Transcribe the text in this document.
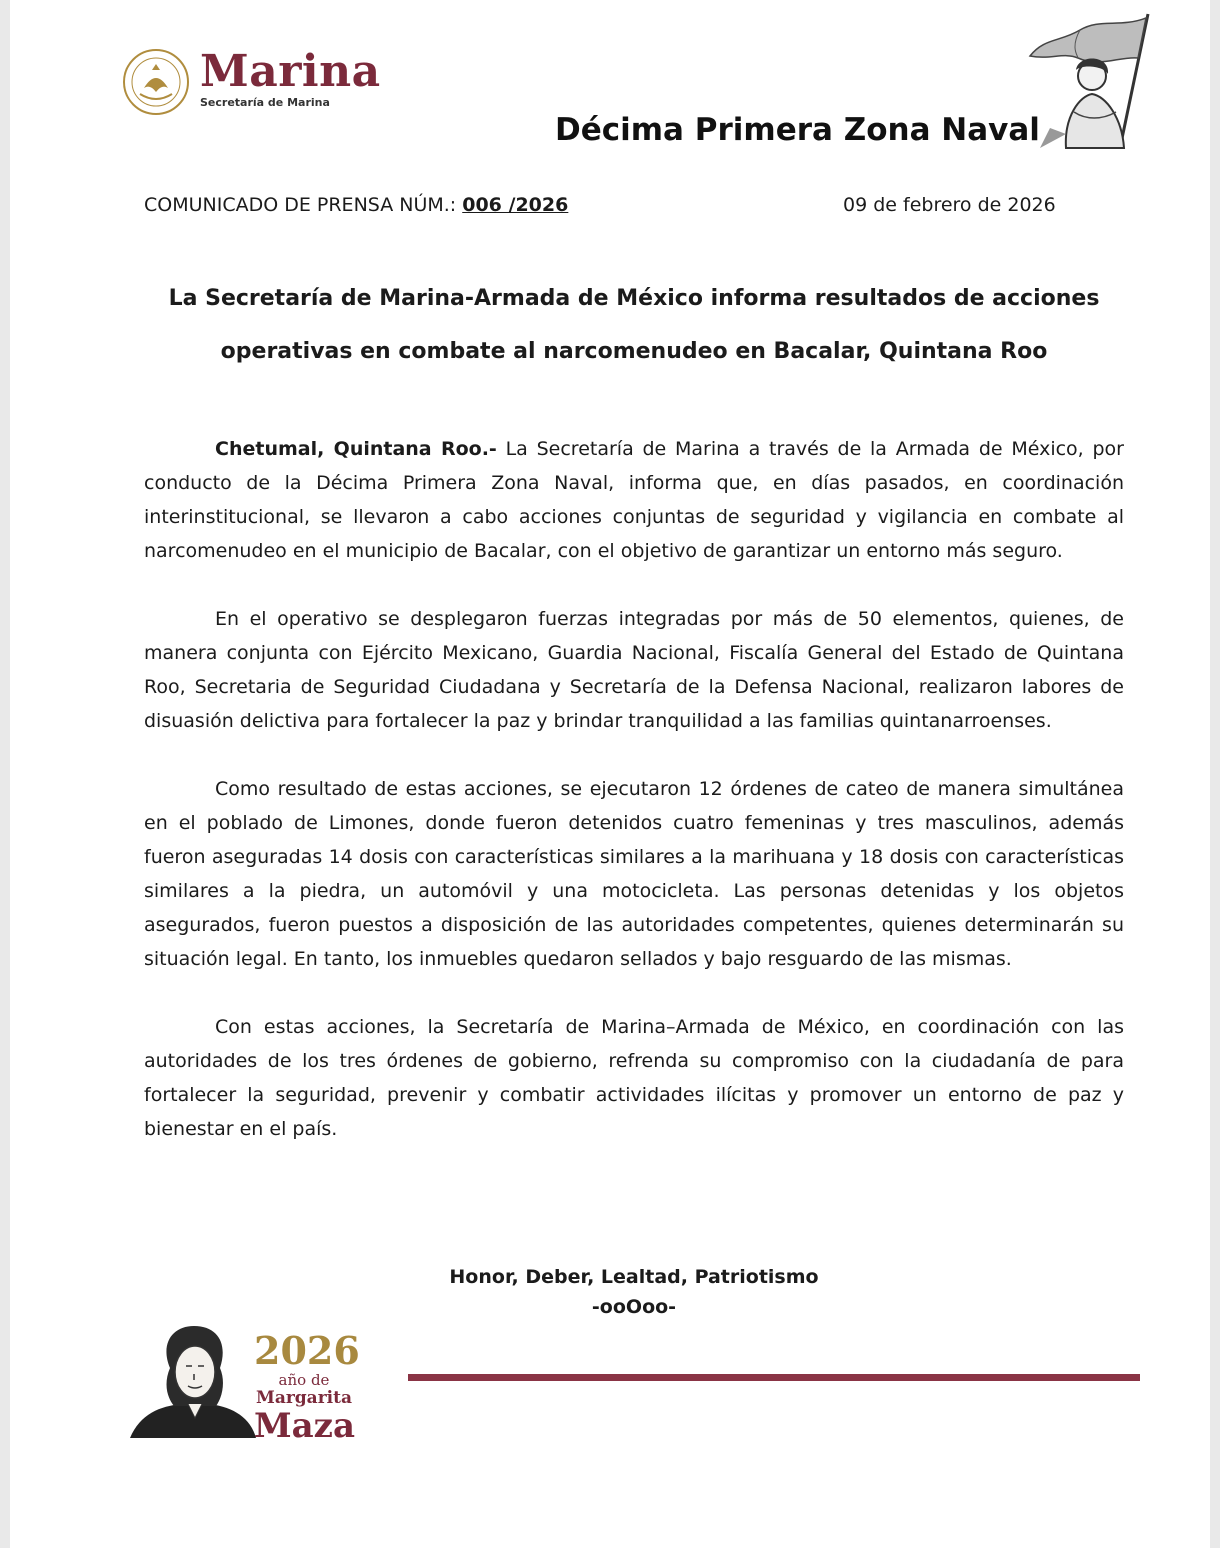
Marina
Secretaría de Marina
Décima Primera Zona Naval
COMUNICADO DE PRENSA NÚM.: 006 /2026	09 de febrero de 2026
La Secretaría de Marina-Armada de México informa resultados de acciones
operativas en combate al narcomenudeo en Bacalar, Quintana Roo

Chetumal, Quintana Roo.- La Secretaría de Marina a través de la Armada de México, por conducto de la Décima Primera Zona Naval, informa que, en días pasados, en coordinación interinstitucional, se llevaron a cabo acciones conjuntas de seguridad y vigilancia en combate al narcomenudeo en el municipio de Bacalar, con el objetivo de garantizar un entorno más seguro.

En el operativo se desplegaron fuerzas integradas por más de 50 elementos, quienes, de manera conjunta con Ejército Mexicano, Guardia Nacional, Fiscalía General del Estado de Quintana Roo, Secretaria de Seguridad Ciudadana y Secretaría de la Defensa Nacional, realizaron labores de disuasión delictiva para fortalecer la paz y brindar tranquilidad a las familias quintanarroenses.

Como resultado de estas acciones, se ejecutaron 12 órdenes de cateo de manera simultánea en el poblado de Limones, donde fueron detenidos cuatro femeninas y tres masculinos, además fueron aseguradas 14 dosis con características similares a la marihuana y 18 dosis con características similares a la piedra, un automóvil y una motocicleta. Las personas detenidas y los objetos asegurados, fueron puestos a disposición de las autoridades competentes, quienes determinarán su situación legal. En tanto, los inmuebles quedaron sellados y bajo resguardo de las mismas.

Con estas acciones, la Secretaría de Marina–Armada de México, en coordinación con las autoridades de los tres órdenes de gobierno, refrenda su compromiso con la ciudadanía de para fortalecer la seguridad, prevenir y combatir actividades ilícitas y promover un entorno de paz y bienestar en el país.

Honor, Deber, Lealtad, Patriotismo
-ooOoo-
2026
año de
Margarita
Maza
